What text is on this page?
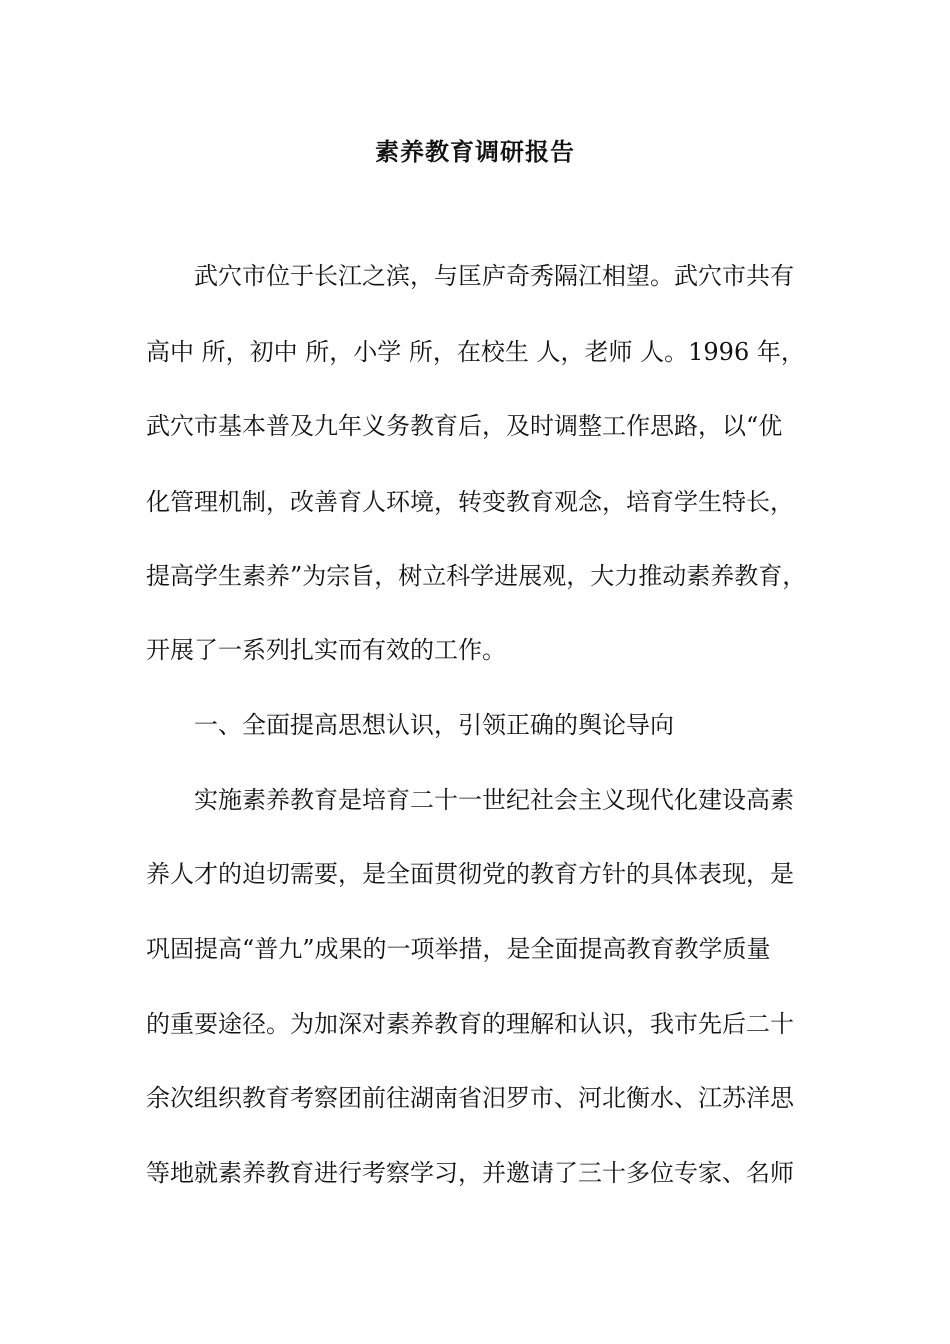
素养教育调研报告

武穴市位于长江之滨，与匡庐奇秀隔江相望。武穴市共有

高中 所，初中 所，小学 所，在校生 人，老师 人。1996 年，

武穴市基本普及九年义务教育后，及时调整工作思路，以“优

化管理机制，改善育人环境，转变教育观念，培育学生特长，

提高学生素养”为宗旨，树立科学进展观，大力推动素养教育，

开展了一系列扎实而有效的工作。

一、全面提高思想认识，引领正确的舆论导向

实施素养教育是培育二十一世纪社会主义现代化建设高素

养人才的迫切需要，是全面贯彻党的教育方针的具体表现，是

巩固提高“普九”成果的一项举措，是全面提高教育教学质量

的重要途径。为加深对素养教育的理解和认识，我市先后二十

余次组织教育考察团前往湖南省汨罗市、河北衡水、江苏洋思

等地就素养教育进行考察学习，并邀请了三十多位专家、名师
